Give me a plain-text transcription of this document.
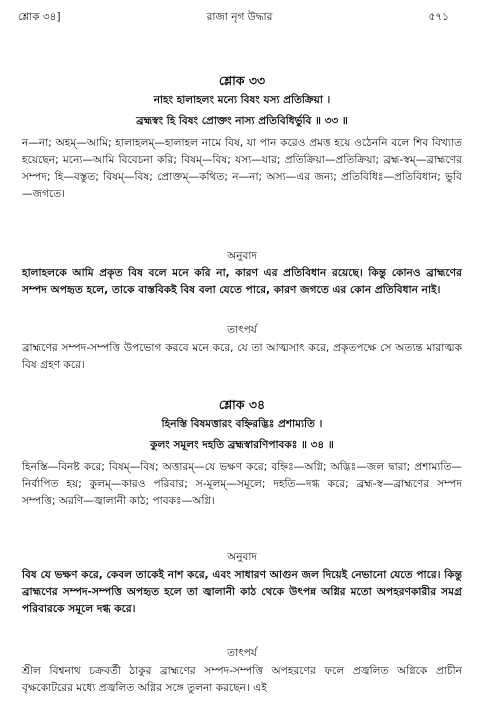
শ্লোক ৩৪]	রাজা নৃগ উদ্ধার	৫৭১
শ্লোক ৩৩
নাহং হালাহলং মন্যে বিষং যস্য প্রতিক্রিয়া ।
ব্রহ্মস্বং হি বিষং প্রোক্তং নাস্য প্রতিবিধির্ভুবি ॥ ৩৩ ॥
ন—না; অহম্—আমি; হালাহলম্—হালাহল নামে বিষ, যা পান করেও প্রমত্ত হয়ে ওঠেননি বলে শিব বিখ্যাত হয়েছেন; মন্যে—আমি বিবেচনা করি; বিষম্—বিষ; যস্য—যার; প্রতিক্রিয়া—প্রতিক্রিয়া; ব্রহ্ম-স্বম্—ব্রাহ্মণের সম্পদ; হি—বস্তুত; বিষম্—বিষ; প্রোক্তম্—কথিত; ন—না; অস্য—এর জন্য; প্রতিবিধিঃ—প্রতিবিধান; ভুবি—জগতে।
অনুবাদ
হালাহলকে আমি প্রকৃত বিষ বলে মনে করি না, কারণ এর প্রতিবিধান রয়েছে। কিন্তু কোনও ব্রাহ্মণের সম্পদ অপহৃত হলে, তাকে বাস্তবিকই বিষ বলা যেতে পারে, কারণ জগতে এর কোন প্রতিবিধান নাই।
তাৎপর্য
ব্রাহ্মণের সম্পদ-সম্পত্তি উপভোগ করবে মনে করে, যে তা আত্মসাৎ করে, প্রকৃতপক্ষে সে অত্যন্ত মারাত্মক বিষ গ্রহণ করে।
শ্লোক ৩৪
হিনস্তি বিষমত্তারং বহ্নিরদ্ভিঃ প্রশাম্যতি ।
কুলং সমূলং দহতি ব্রহ্মস্বারণিপাবকঃ ॥ ৩৪ ॥
হিনস্তি—বিনষ্ট করে; বিষম্—বিষ; অত্তারম্—যে ভক্ষণ করে; বহ্নিঃ—অগ্নি; অদ্ভিঃ—জল দ্বারা; প্রশাম্যতি—নির্বাপিত হয়; কুলম্—কারও পরিবার; স-মূলম্—সমূলে; দহতি—দগ্ধ করে; ব্রহ্ম-স্ব—ব্রাহ্মণের সম্পদ সম্পত্তি; অরণি—জ্বালানী কাঠ; পাবকঃ—অগ্নি।
অনুবাদ
বিষ যে ভক্ষণ করে, কেবল তাকেই নাশ করে, এবং সাধারণ আগুন জল দিয়েই নেভানো যেতে পারে। কিন্তু ব্রাহ্মণের সম্পদ-সম্পত্তি অপহৃত হলে তা জ্বালানী কাঠ থেকে উৎপন্ন অগ্নির মতো অপহরণকারীর সমগ্র পরিবারকে সমূলে দগ্ধ করে।
তাৎপর্য
শ্রীল বিশ্বনাথ চক্রবর্তী ঠাকুর ব্রাহ্মণের সম্পদ-সম্পত্তি অপহরণের ফলে প্রজ্বলিত অগ্নিকে প্রাচীন বৃক্ষকোটরের মধ্যে প্রজ্বলিত অগ্নির সঙ্গে তুলনা করছেন। এই
